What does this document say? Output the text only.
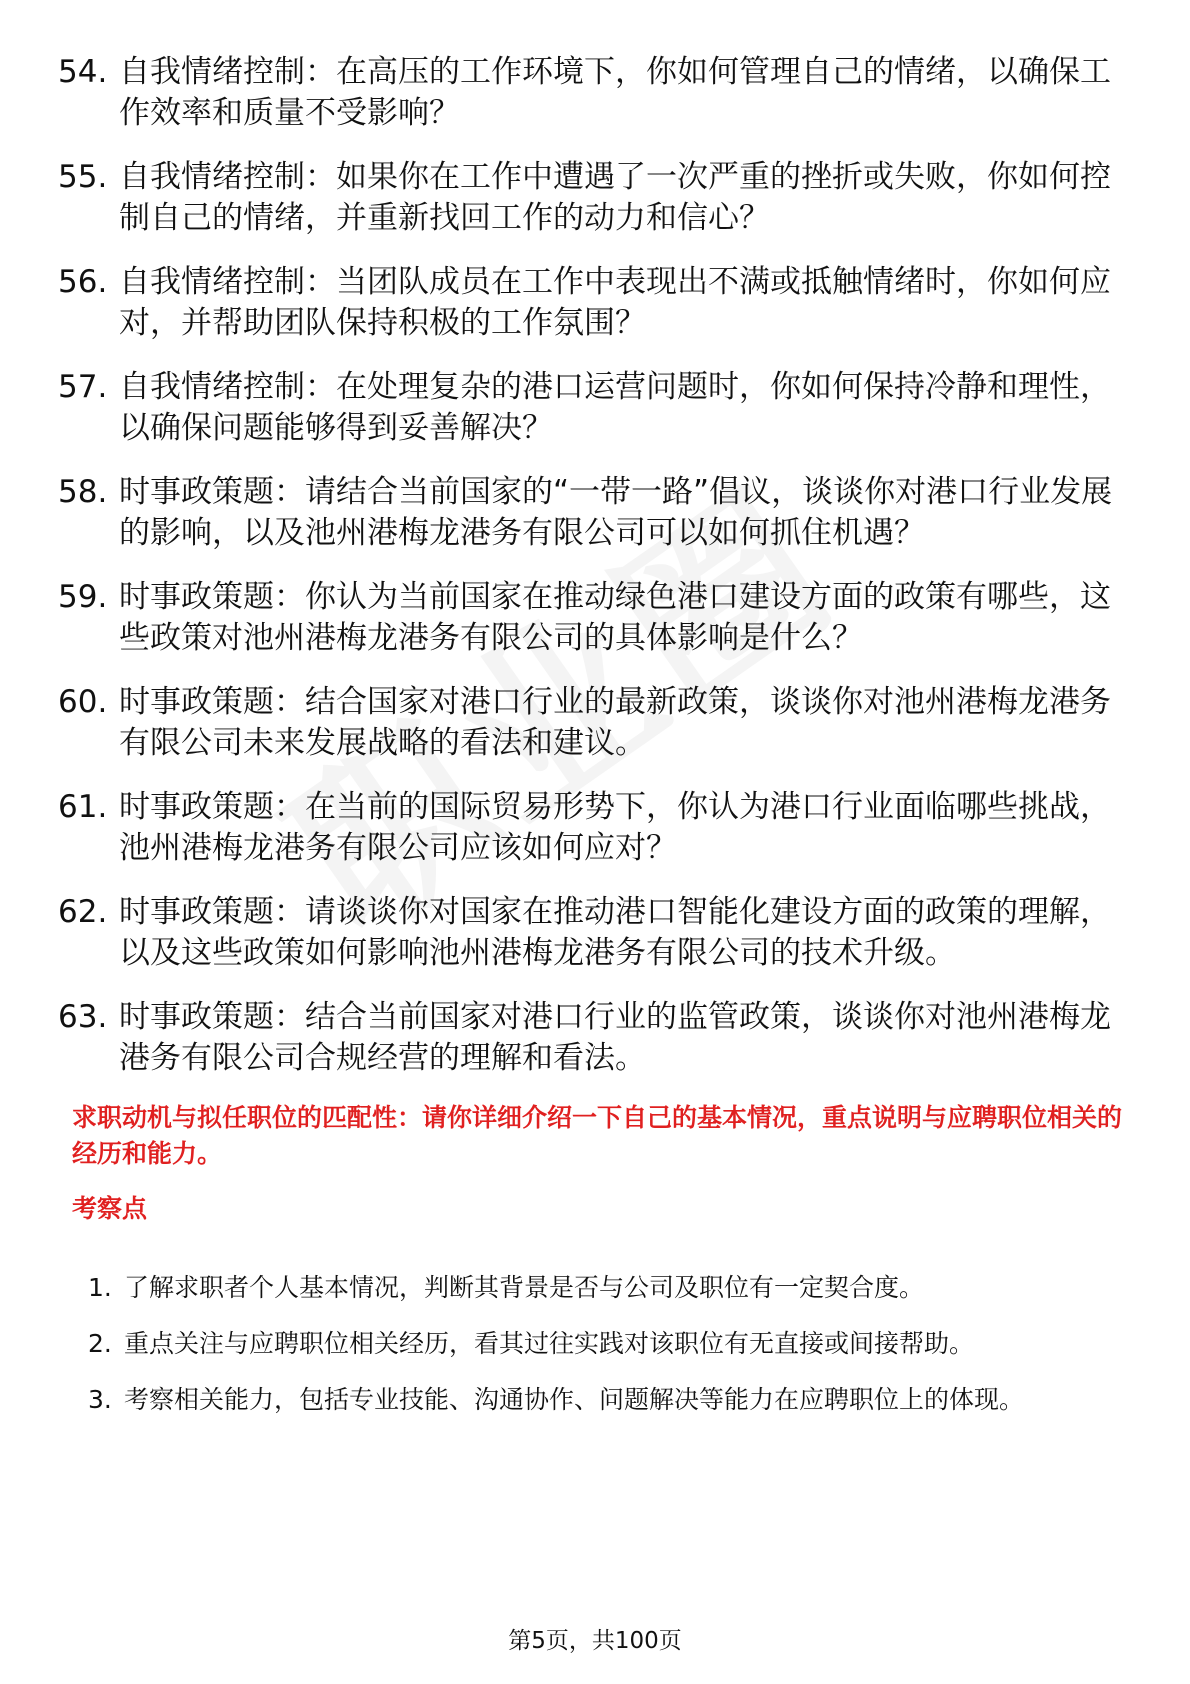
54. 自我情绪控制：在高压的工作环境下，你如何管理自己的情绪，以确保工作效率和质量不受影响？
55. 自我情绪控制：如果你在工作中遭遇了一次严重的挫折或失败，你如何控制自己的情绪，并重新找回工作的动力和信心？
56. 自我情绪控制：当团队成员在工作中表现出不满或抵触情绪时，你如何应对，并帮助团队保持积极的工作氛围？
57. 自我情绪控制：在处理复杂的港口运营问题时，你如何保持冷静和理性，以确保问题能够得到妥善解决？
58. 时事政策题：请结合当前国家的“一带一路”倡议，谈谈你对港口行业发展的影响，以及池州港梅龙港务有限公司可以如何抓住机遇？
59. 时事政策题：你认为当前国家在推动绿色港口建设方面的政策有哪些，这些政策对池州港梅龙港务有限公司的具体影响是什么？
60. 时事政策题：结合国家对港口行业的最新政策，谈谈你对池州港梅龙港务有限公司未来发展战略的看法和建议。
61. 时事政策题：在当前的国际贸易形势下，你认为港口行业面临哪些挑战，池州港梅龙港务有限公司应该如何应对？
62. 时事政策题：请谈谈你对国家在推动港口智能化建设方面的政策的理解，以及这些政策如何影响池州港梅龙港务有限公司的技术升级。
63. 时事政策题：结合当前国家对港口行业的监管政策，谈谈你对池州港梅龙港务有限公司合规经营的理解和看法。

求职动机与拟任职位的匹配性：请你详细介绍一下自己的基本情况，重点说明与应聘职位相关的经历和能力。

考察点

1. 了解求职者个人基本情况，判断其背景是否与公司及职位有一定契合度。
2. 重点关注与应聘职位相关经历，看其过往实践对该职位有无直接或间接帮助。
3. 考察相关能力，包括专业技能、沟通协作、问题解决等能力在应聘职位上的体现。
第5页，共100页
